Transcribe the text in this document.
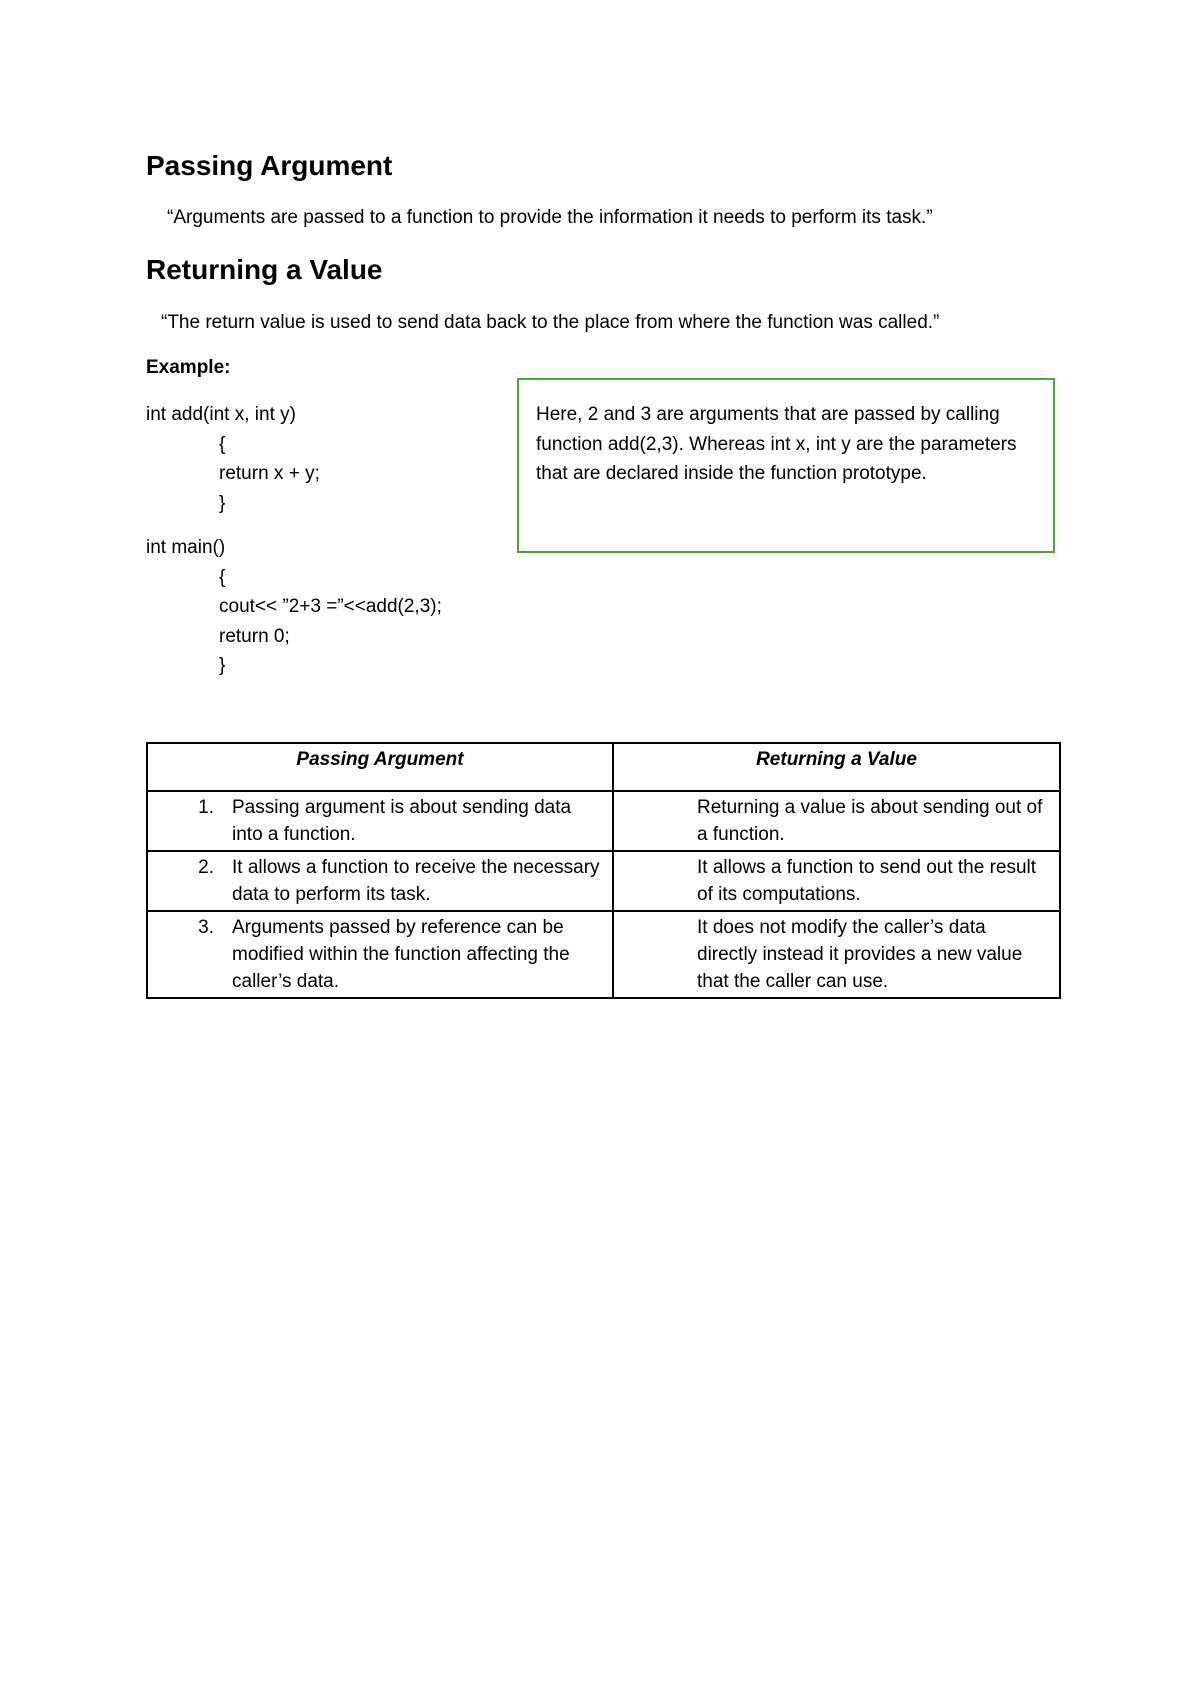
Passing Argument

“Arguments are passed to a function to provide the information it needs to perform its task.”

Returning a Value

“The return value is used to send data back to the place from where the function was called.”

Example:

int add(int x, int y)
{
return x + y;
}
int main()
{
cout<< ”2+3 =”<<add(2,3);
return 0;
}
Here, 2 and 3 are arguments that are passed by calling function add(2,3). Whereas int x, int y are the parameters that are declared inside the function prototype.
Passing Argument	Returning a Value

1. Passing argument is about sending data into a function.	Returning a value is about sending out of a function.

2. It allows a function to receive the necessary data to perform its task.	It allows a function to send out the result of its computations.

3. Arguments passed by reference can be modified within the function affecting the caller’s data.	It does not modify the caller’s data directly instead it provides a new value that the caller can use.
